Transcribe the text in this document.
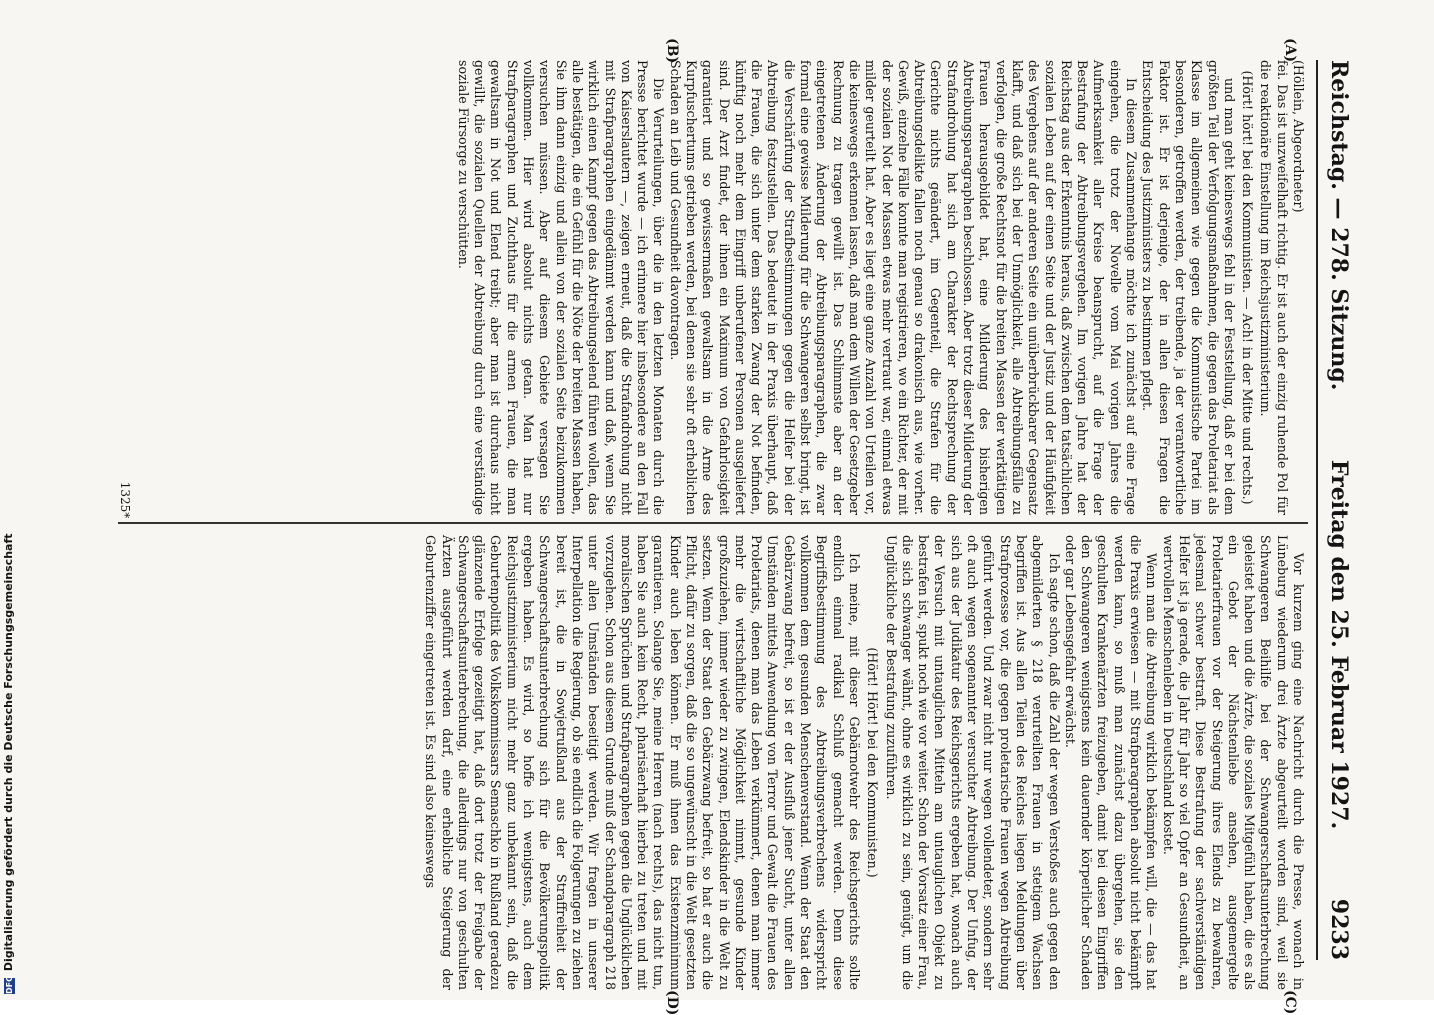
Reichstag. — 278. Sitzung.
Freitag den 25. Februar 1927.
9233
(A)
(B)
(C)
(D)

(Höllein, Abgeordneter)

fei. Das ist unzweifelhaft richtig. Er ist auch der einzig ruhende Pol für die reaktionäre Einstellung im Reichsjustizministerium.

(Hört! hört! bei den Kommunisten. — Ach! in der Mitte und rechts.)

und man geht keineswegs fehl in der Feststellung, daß er bei dem größten Teil der Verfolgungsmaßnahmen, die gegen das Proletariat als Klasse im allgemeinen wie gegen die Kommunistische Partei im besonderen, getroffen werden, der treibende, ja der verantwortliche Faktor ist. Er ist derjenige, der in allen diesen Fragen die Entscheidung des Justizministers zu bestimmen pflegt.

In diesem Zusammenhange möchte ich zunächst auf eine Frage eingehen, die trotz der Novelle vom Mai vorigen Jahres die Aufmerksamkeit aller Kreise beansprucht, auf die Frage der Bestrafung der Abtreibungsvergehen. Im vorigen Jahre hat der Reichstag aus der Erkenntnis heraus, daß zwischen dem tatsächlichen sozialen Leben auf der einen Seite und der Justiz und der Häufigkeit des Vergehens auf der anderen Seite ein unüberbrückbarer Gegensatz klafft, und daß sich bei der Unmöglichkeit, alle Abtreibungsfälle zu verfolgen, die große Rechtsnot für die breiten Massen der werktätigen Frauen herausgebildet hat, eine Milderung des bisherigen Abtreibungsparagraphen beschlossen. Aber trotz dieser Milderung der Strafandrohung hat sich am Charakter der Rechtsprechung der Gerichte nichts geändert, im Gegenteil, die Strafen für die Abtreibungsdelikte fallen noch genau so drakonisch aus, wie vorher. Gewiß, einzelne Fälle konnte man registrieren, wo ein Richter, der mit der sozialen Not der Massen etwas mehr vertraut war, einmal etwas milder geurteilt hat. Aber es liegt eine ganze Anzahl von Urteilen vor, die keineswegs erkennen lassen, daß man dem Willen der Gesetzgeber Rechnung zu tragen gewillt ist. Das Schlimmste aber an der eingetretenen Änderung der Abtreibungsparagraphen, die zwar formal eine gewisse Milderung für die Schwangeren selbst bringt, ist die Verschärfung der Strafbestimmungen gegen die Helfer bei der Abtreibung festzustellen. Das bedeutet in der Praxis überhaupt, daß die Frauen, die sich unter dem starken Zwang der Not befinden, künftig noch mehr dem Eingriff unberufener Personen ausgeliefert sind. Der Arzt findet, der ihnen ein Maximum von Gefahrlosigkeit garantiert und so gewissermaßen gewaltsam in die Arme des Kurpfuschertums getrieben werden, bei denen sie sehr oft erheblichen Schaden an Leib und Gesundheit davontragen.

Die Verurteilungen, über die in den letzten Monaten durch die Presse berichtet wurde — ich erinnere hier insbesondere an den Fall von Kaiserslautern —, zeigen erneut, daß die Strafandrohung nicht mit Strafparagraphen eingedämmt werden kann und daß, wenn Sie wirklich einen Kampf gegen das Abtreibungselend führen wollen, das alle bestätigen, die ein Gefühl für die Nöte der breiten Massen haben, Sie ihm dann einzig und allein von der sozialen Seite beizukommen versuchen müssen. Aber auf diesem Gebiete versagen Sie vollkommen. Hier wird absolut nichts getan. Man hat nur Strafparagraphen und Zuchthaus für die armen Frauen, die man gewaltsam in Not und Elend treibt; aber man ist durchaus nicht gewillt, die sozialen Quellen der Abtreibung durch eine verständige soziale Fürsorge zu verschütten.

Vor kurzem ging eine Nachricht durch die Presse, wonach in Lüneburg wiederum drei Ärzte abgeurteilt worden sind, weil sie Schwangeren Beihilfe bei der Schwangerschaftsunterbrechung geleistet haben und die Ärzte, die soziales Mitgefühl haben, die es als ein Gebot der Nächstenliebe ansehen, ausgemergelte Proletarierfrauen vor der Steigerung ihres Elends zu bewahren, jedesmal schwer bestraft. Diese Bestrafung der sachverständigen Helfer ist ja gerade, die Jahr für Jahr so viel Opfer an Gesundheit, an wertvollen Menschenleben in Deutschland kostet.

Wenn man die Abtreibung wirklich bekämpfen will, die — das hat die Praxis erwiesen — mit Strafparagraphen absolut nicht bekämpft werden kann, so muß man zunächst dazu übergehen, sie den geschulten Krankenärzten freizugeben, damit bei diesen Eingriffen den Schwangeren wenigstens kein dauernder körperlicher Schaden oder gar Lebensgefahr erwächst.

Ich sagte schon, daß die Zahl der wegen Verstoßes auch gegen den abgemilderten § 218 verurteilten Frauen in stetigem Wachsen begriffen ist. Aus allen Teilen des Reiches liegen Meldungen über Strafprozesse vor, die gegen proletarische Frauen wegen Abtreibung geführt werden. Und zwar nicht nur wegen vollendeter, sondern sehr oft auch wegen sogenannter versuchter Abtreibung. Der Unfug, der sich aus der Judikatur des Reichsgerichts ergeben hat, wonach auch der Versuch mit untauglichen Mitteln am untauglichen Objekt zu bestrafen ist, spukt noch wie vor weiter. Schon der Vorsatz einer Frau, die sich schwanger wähnt, ohne es wirklich zu sein, genügt, um die Unglückliche der Bestrafung zuzuführen.

(Hört! Hört! bei den Kommunisten.)

Ich meine, mit dieser Gebärnotwehr des Reichsgerichts sollte endlich einmal radikal Schluß gemacht werden. Denn diese Begriffsbestimmung des Abtreibungsverbrechens widerspricht vollkommen dem gesunden Menschenverstand. Wenn der Staat den Gebärzwang befreit, so ist er der Ausfluß jener Sucht, unter allen Umständen mittels Anwendung von Terror und Gewalt die Frauen des Proletariats, denen man das Leben verkümmert, denen man immer mehr die wirtschaftliche Möglichkeit nimmt, gesunde Kinder großzuziehen, immer wieder zu zwingen, Elendskinder in die Welt zu setzen. Wenn der Staat den Gebärzwang befreit, so hat er auch die Pflicht, dafür zu sorgen, daß die so ungewünscht in die Welt gesetzten Kinder auch leben können. Er muß ihnen das Existenzminimum garantieren. Solange Sie, meine Herren (nach rechts), das nicht tun, haben Sie auch kein Recht, pharisäerhaft hierbei zu treten und mit moralischen Sprüchen und Strafparagraphen gegen die Unglücklichen vorzugehen. Schon aus diesem Grunde muß der Schandparagraph 218 unter allen Umständen beseitigt werden. Wir fragen in unserer Interpellation die Regierung, ob sie endlich die Folgerungen zu ziehen bereit ist, die in Sowjetrußland aus der Straffreiheit der Schwangerschaftsunterbrechung sich für die Bevölkerungspolitik ergeben haben. Es wird, so hoffe ich wenigstens, auch dem Reichsjustizministerium nicht mehr ganz unbekannt sein, daß die Geburtenpolitik des Volkskommissars Semaschko in Rußland geradezu glänzende Erfolge gezeitigt hat, daß dort trotz der Freigabe der Schwangerschaftsunterbrechung, die allerdings nur von geschulten Ärzten ausgeführt werden darf, eine erhebliche Steigerung der Geburtenziffer eingetreten ist. Es sind also keineswegs

1325*
DFG Digitalisierung gefördert durch die Deutsche Forschungsgemeinschaft
